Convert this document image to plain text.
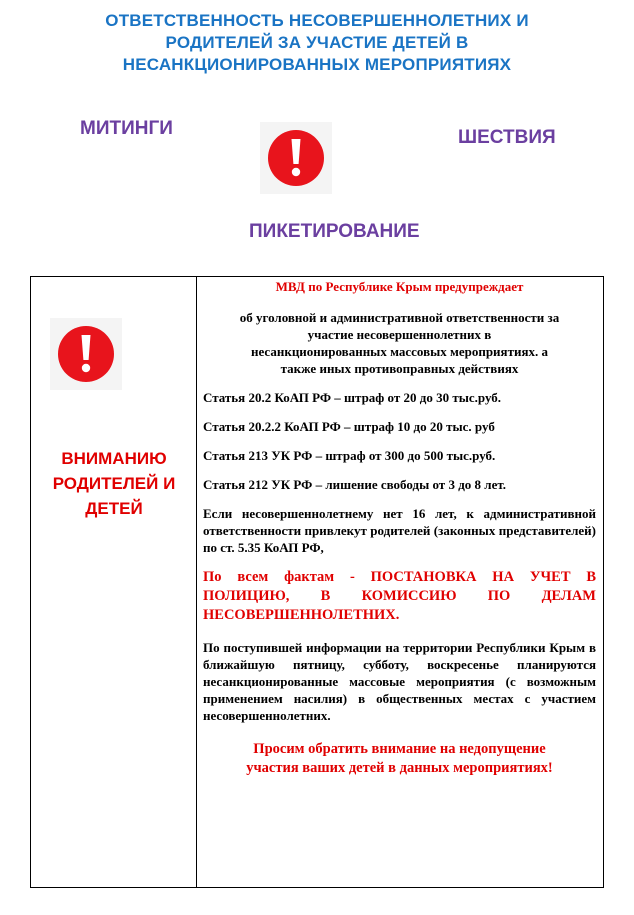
ОТВЕТСТВЕННОСТЬ НЕСОВЕРШЕННОЛЕТНИХ И
РОДИТЕЛЕЙ ЗА УЧАСТИЕ ДЕТЕЙ В
НЕСАНКЦИОНИРОВАННЫХ МЕРОПРИЯТИЯХ
МИТИНГИ	ШЕСТВИЯ
ПИКЕТИРОВАНИЕ
ВНИМАНИЮ
РОДИТЕЛЕЙ И
ДЕТЕЙ

МВД по Республике Крым предупреждает

об уголовной и административной ответственности за
участие несовершеннолетних в
несанкционированных массовых мероприятиях. а
также иных противоправных действиях

Статья 20.2 КоАП РФ – штраф от 20 до 30 тыс.руб.

Статья 20.2.2 КоАП РФ – штраф 10 до 20 тыс. руб

Статья 213 УК РФ – штраф от 300 до 500 тыс.руб.

Статья 212 УК РФ – лишение свободы от 3 до 8 лет.

Если несовершеннолетнему нет 16 лет, к административной ответственности привлекут родителей (законных представителей) по ст. 5.35 КоАП РФ,

По всем фактам - ПОСТАНОВКА НА УЧЕТ В ПОЛИЦИЮ, В КОМИССИЮ ПО ДЕЛАМ НЕСОВЕРШЕННОЛЕТНИХ.

По поступившей информации на территории Республики Крым в ближайшую пятницу, субботу, воскресенье планируются несанкционированные массовые мероприятия (с возможным применением насилия) в общественных местах с участием несовершеннолетних.

Просим обратить внимание на недопущение
участия ваших детей в данных мероприятиях!
